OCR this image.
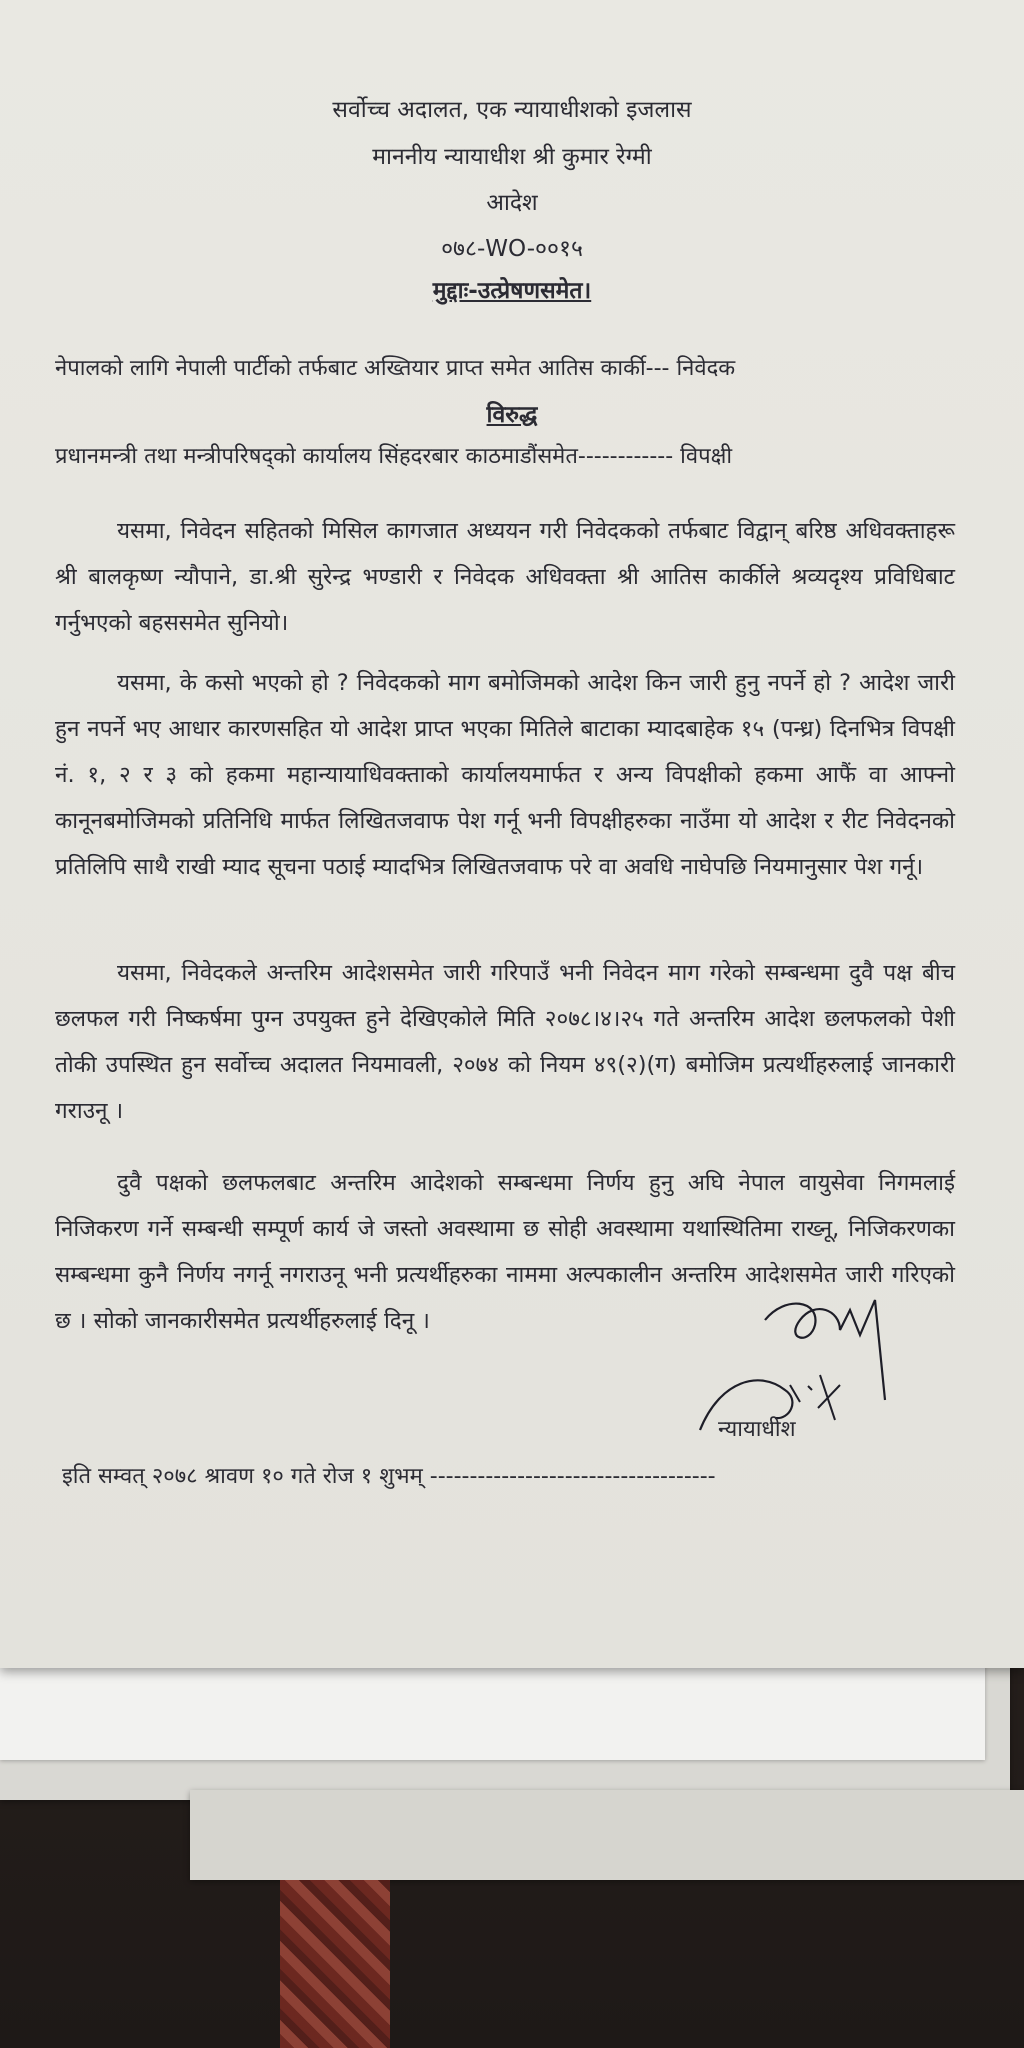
सर्वोच्च अदालत, एक न्यायाधीशको इजलास
माननीय न्यायाधीश श्री कुमार रेग्मी
आदेश
०७८-WO-००१५
मुद्दाः-उत्प्रेषणसमेत।
नेपालको लागि नेपाली पार्टीको तर्फबाट अख्तियार प्राप्त समेत आतिस कार्की--- निवेदक
विरुद्ध
प्रधानमन्त्री तथा मन्त्रीपरिषद्को कार्यालय सिंहदरबार काठमाडौंसमेत------------ विपक्षी
यसमा, निवेदन सहितको मिसिल कागजात अध्ययन गरी निवेदकको तर्फबाट विद्वान् बरिष्ठ अधिवक्ताहरू श्री बालकृष्ण न्यौपाने, डा.श्री सुरेन्द्र भण्डारी र निवेदक अधिवक्ता श्री आतिस कार्कीले श्रव्यदृश्य प्रविधिबाट गर्नुभएको बहससमेत सुनियो।
यसमा, के कसो भएको हो ? निवेदकको माग बमोजिमको आदेश किन जारी हुनु नपर्ने हो ? आदेश जारी हुन नपर्ने भए आधार कारणसहित यो आदेश प्राप्त भएका मितिले बाटाका म्यादबाहेक १५ (पन्ध्र) दिनभित्र विपक्षी नं. १, २ र ३ को हकमा महान्यायाधिवक्ताको कार्यालयमार्फत र अन्य विपक्षीको हकमा आफैं वा आफ्नो कानूनबमोजिमको प्रतिनिधि मार्फत लिखितजवाफ पेश गर्नू भनी विपक्षीहरुका नाउँमा यो आदेश र रीट निवेदनको प्रतिलिपि साथै राखी म्याद सूचना पठाई म्यादभित्र लिखितजवाफ परे वा अवधि नाघेपछि नियमानुसार पेश गर्नू।
यसमा, निवेदकले अन्तरिम आदेशसमेत जारी गरिपाउँ भनी निवेदन माग गरेको सम्बन्धमा दुवै पक्ष बीच छलफल गरी निष्कर्षमा पुग्न उपयुक्त हुने देखिएकोले मिति २०७८।४।२५ गते अन्तरिम आदेश छलफलको पेशी तोकी उपस्थित हुन सर्वोच्च अदालत नियमावली, २०७४ को नियम ४९(२)(ग) बमोजिम प्रत्यर्थीहरुलाई जानकारी गराउनू ।
दुवै पक्षको छलफलबाट अन्तरिम आदेशको सम्बन्धमा निर्णय हुनु अघि नेपाल वायुसेवा निगमलाई निजिकरण गर्ने सम्बन्धी सम्पूर्ण कार्य जे जस्तो अवस्थामा छ सोही अवस्थामा यथास्थितिमा राख्नू, निजिकरणका सम्बन्धमा कुनै निर्णय नगर्नू नगराउनू भनी प्रत्यर्थीहरुका नाममा अल्पकालीन अन्तरिम आदेशसमेत जारी गरिएको छ । सोको जानकारीसमेत प्रत्यर्थीहरुलाई दिनू ।
न्यायाधीश
इति सम्वत् २०७८ श्रावण १० गते रोज १ शुभम् ------------------------------------
